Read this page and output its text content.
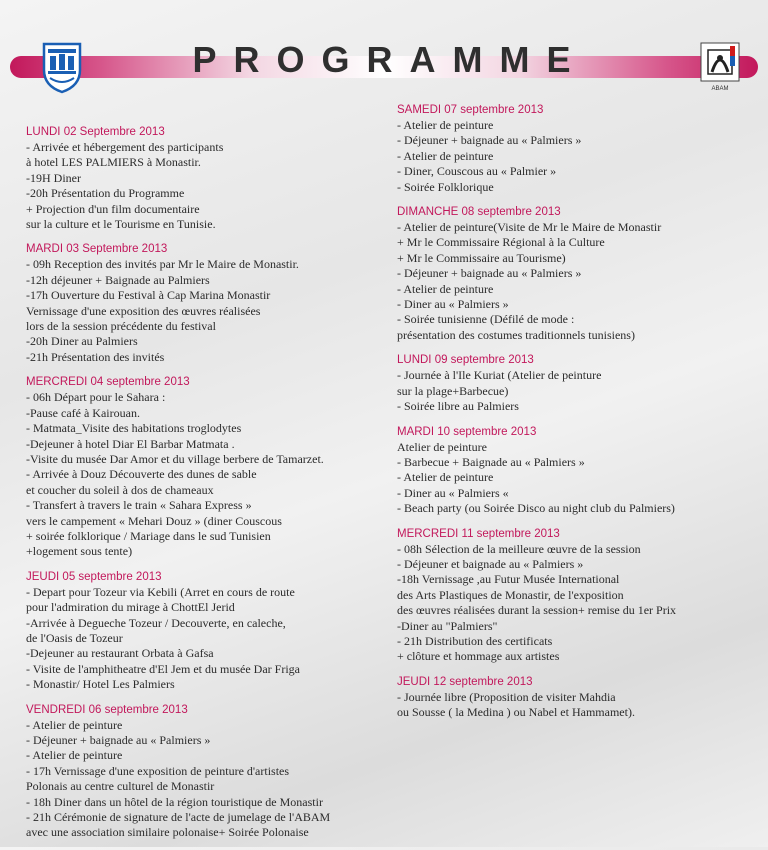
PROGRAMME
ABAM
LUNDI 02 Septembre 2013
- Arrivée et hébergement des participants
à hotel LES PALMIERS à Monastir.
-19H Diner
-20h Présentation du Programme
+ Projection d'un film documentaire
sur la culture et le Tourisme en Tunisie.
MARDI 03 Septembre 2013
- 09h Reception des invités par Mr le Maire de Monastir.
-12h déjeuner + Baignade au Palmiers
-17h Ouverture du Festival à Cap Marina Monastir
Vernissage d'une exposition des œuvres réalisées
lors de la session précédente du festival
-20h Diner au Palmiers
-21h Présentation des invités
MERCREDI 04 septembre 2013
- 06h Départ pour le Sahara :
-Pause café à Kairouan.
- Matmata_Visite des habitations troglodytes
-Dejeuner à hotel Diar El Barbar Matmata .
-Visite du musée Dar Amor et du village berbere de Tamarzet.
- Arrivée à Douz Découverte des dunes de sable
et coucher du soleil à dos de chameaux
- Transfert à travers le train « Sahara Express »
vers le campement « Mehari Douz » (diner Couscous
+ soirée folklorique / Mariage dans le sud Tunisien
+logement sous tente)
JEUDI 05 septembre 2013
- Depart pour Tozeur via Kebili (Arret en cours de route
pour l'admiration du mirage à ChottEl Jerid
-Arrivée à Degueche Tozeur / Decouverte, en caleche,
de l'Oasis de Tozeur
-Dejeuner au restaurant Orbata à Gafsa
- Visite de l'amphitheatre d'El Jem et du musée Dar Friga
- Monastir/ Hotel Les Palmiers
VENDREDI 06 septembre 2013
- Atelier de peinture
- Déjeuner + baignade au « Palmiers »
- Atelier de peinture
- 17h Vernissage d'une exposition de peinture d'artistes
Polonais au centre culturel de Monastir
- 18h Diner dans un hôtel de la région touristique de Monastir
- 21h Cérémonie de signature de l'acte de jumelage de l'ABAM
avec une association similaire polonaise+ Soirée Polonaise
SAMEDI 07 septembre 2013
- Atelier de peinture
- Déjeuner + baignade au « Palmiers »
- Atelier de peinture
- Diner, Couscous au « Palmier »
- Soirée Folklorique
DIMANCHE 08 septembre 2013
- Atelier de peinture(Visite de Mr le Maire de Monastir
+ Mr le Commissaire Régional à la Culture
+ Mr le Commissaire au Tourisme)
- Déjeuner + baignade au « Palmiers »
- Atelier de peinture
- Diner au « Palmiers »
- Soirée tunisienne (Défilé de mode :
présentation des costumes traditionnels tunisiens)
LUNDI 09 septembre 2013
- Journée à l'Ile Kuriat (Atelier de peinture
sur la plage+Barbecue)
- Soirée libre au Palmiers
MARDI 10 septembre 2013
Atelier de peinture
- Barbecue + Baignade au « Palmiers »
- Atelier de peinture
- Diner au « Palmiers «
- Beach party (ou Soirée Disco au night club du Palmiers)
MERCREDI 11 septembre 2013
- 08h Sélection de la meilleure œuvre de la session
- Déjeuner et baignade au « Palmiers »
-18h Vernissage ,au Futur Musée International
des Arts Plastiques de Monastir, de l'exposition
des œuvres réalisées durant la session+ remise du 1er Prix
-Diner au "Palmiers"
- 21h Distribution des certificats
+ clôture et hommage aux artistes
JEUDI 12 septembre 2013
- Journée libre (Proposition de visiter Mahdia
ou Sousse ( la Medina ) ou Nabel et Hammamet).
